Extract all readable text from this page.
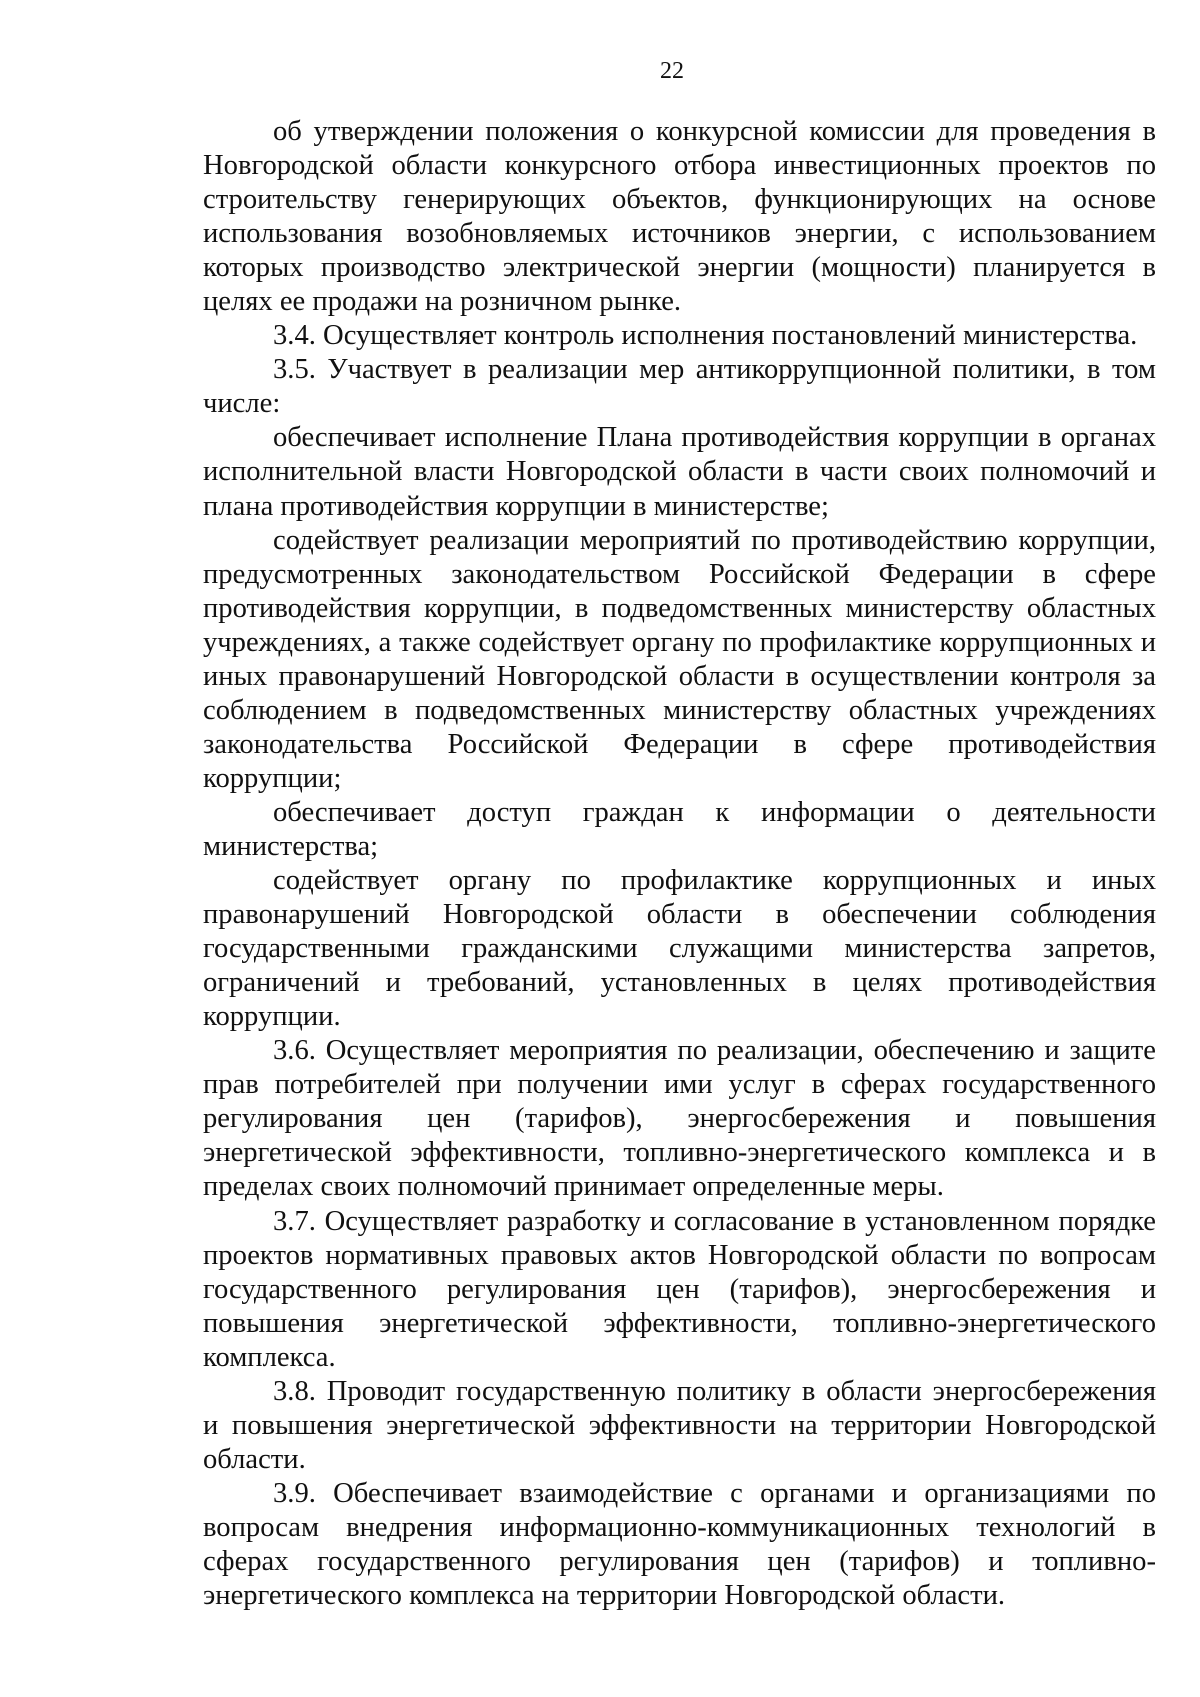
22

об утверждении положения о конкурсной комиссии для проведения в Новгородской области конкурсного отбора инвестиционных проектов по строительству генерирующих объектов, функционирующих на основе использования возобновляемых источников энергии, с использованием которых производство электрической энергии (мощности) планируется в целях ее продажи на розничном рынке.

3.4. Осуществляет контроль исполнения постановлений министерства.

3.5. Участвует в реализации мер антикоррупционной политики, в том числе:

обеспечивает исполнение Плана противодействия коррупции в органах исполнительной власти Новгородской области в части своих полномочий и плана противодействия коррупции в министерстве;

содействует реализации мероприятий по противодействию коррупции, предусмотренных законодательством Российской Федерации в сфере противодействия коррупции, в подведомственных министерству областных учреждениях, а также содействует органу по профилактике коррупционных и иных правонарушений Новгородской области в осуществлении контроля за соблюдением в подведомственных министерству областных учреждениях законодательства Российской Федерации в сфере противодействия коррупции;

обеспечивает доступ граждан к информации о деятельности министерства;

содействует органу по профилактике коррупционных и иных правонарушений Новгородской области в обеспечении соблюдения государственными гражданскими служащими министерства запретов, ограничений и требований, установленных в целях противодействия коррупции.

3.6. Осуществляет мероприятия по реализации, обеспечению и защите прав потребителей при получении ими услуг в сферах государственного регулирования цен (тарифов), энергосбережения и повышения энергетической эффективности, топливно-энергетического комплекса и в пределах своих полномочий принимает определенные меры.

3.7. Осуществляет разработку и согласование в установленном порядке проектов нормативных правовых актов Новгородской области по вопросам государственного регулирования цен (тарифов), энергосбережения и повышения энергетической эффективности, топливно-энергетического комплекса.

3.8. Проводит государственную политику в области энергосбережения и повышения энергетической эффективности на территории Новгородской области.

3.9. Обеспечивает взаимодействие с органами и организациями по вопросам внедрения информационно-коммуникационных технологий в сферах государственного регулирования цен (тарифов) и топливно-энергетического комплекса на территории Новгородской области.
